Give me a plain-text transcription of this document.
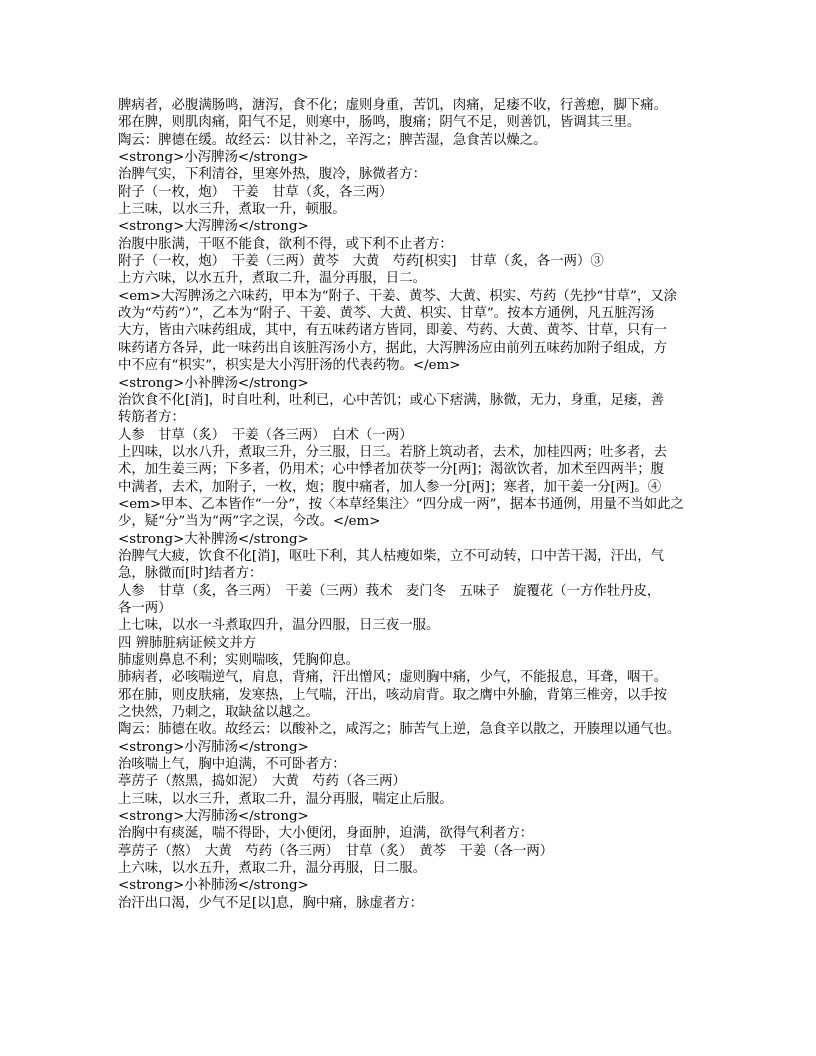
脾病者，必腹满肠鸣，溏泻，食不化；虚则身重，苦饥，肉痛，足痿不收，行善瘛，脚下痛。
邪在脾，则肌肉痛，阳气不足，则寒中，肠鸣，腹痛；阴气不足，则善饥，皆调其三里。
陶云：脾德在缓。故经云：以甘补之，辛泻之；脾苦湿，急食苦以燥之。
<strong>小泻脾汤</strong>
治脾气实，下利清谷，里寒外热，腹冷，脉微者方：
附子（一枚，炮）　干姜　甘草（炙，各三两）
上三味，以水三升，煮取一升，顿服。
<strong>大泻脾汤</strong>
治腹中胀满，干呕不能食，欲利不得，或下利不止者方：
附子（一枚，炮）　干姜（三两）黄芩　大黄　芍药[枳实]　甘草（炙，各一两）③
上方六味，以水五升，煮取二升，温分再服，日二。
<em>大泻脾汤之六味药，甲本为“附子、干姜、黄芩、大黄、枳实、芍药（先抄“甘草”，又涂
改为“芍药”）”，乙本为“附子、干姜、黄芩、大黄、枳实、甘草”。按本方通例，凡五脏泻汤
大方，皆由六味药组成，其中，有五味药诸方皆同，即姜、芍药、大黄、黄芩、甘草，只有一
味药诸方各异，此一味药出自该脏泻汤小方，据此，大泻脾汤应由前列五味药加附子组成，方
中不应有“枳实”，枳实是大小泻肝汤的代表药物。</em>
<strong>小补脾汤</strong>
治饮食不化[消]，时自吐利，吐利已，心中苦饥；或心下痞满，脉微，无力，身重，足痿，善
转筋者方：
人参　甘草（炙）　干姜（各三两）　白术（一两）
上四味，以水八升，煮取三升，分三服，日三。若脐上筑动者，去术，加桂四两；吐多者，去
术，加生姜三两；下多者，仍用术；心中悸者加茯苓一分[两]；渴欲饮者，加术至四两半；腹
中满者，去术，加附子，一枚，炮；腹中痛者，加人参一分[两]；寒者，加干姜一分[两]。④
<em>甲本、乙本皆作“一分”，按〈本草经集注〉“四分成一两”，据本书通例，用量不当如此之
少，疑“分”当为“两”字之误，今改。</em>
<strong>大补脾汤</strong>
治脾气大疲，饮食不化[消]，呕吐下利，其人枯瘦如柴，立不可动转，口中苦干渴，汗出，气
急，脉微而[时]结者方：
人参　甘草（炙，各三两）　干姜（三两）莪术　麦门冬　五味子　旋覆花（一方作牡丹皮，
各一两）
上七味，以水一斗煮取四升，温分四服，日三夜一服。
四 辨肺脏病证候文并方
肺虚则鼻息不利；实则喘咳，凭胸仰息。
肺病者，必咳喘逆气，肩息，背痛，汗出憎风；虚则胸中痛，少气，不能报息，耳聋，咽干。
邪在肺，则皮肤痛，发寒热，上气喘，汗出，咳动肩背。取之膺中外腧，背第三椎旁，以手按
之快然，乃刺之，取缺盆以越之。
陶云：肺德在收。故经云：以酸补之，咸泻之；肺苦气上逆，急食辛以散之，开腠理以通气也。
<strong>小泻肺汤</strong>
治咳喘上气，胸中迫满，不可卧者方：
葶苈子（熬黑，捣如泥）　大黄　芍药（各三两）
上三味，以水三升，煮取二升，温分再服，喘定止后服。
<strong>大泻肺汤</strong>
治胸中有痰涎，喘不得卧，大小便闭，身面肿，迫满，欲得气利者方：
葶苈子（熬）　大黄　芍药（各三两）　甘草（炙）　黄芩　干姜（各一两）
上六味，以水五升，煮取二升，温分再服，日二服。
<strong>小补肺汤</strong>
治汗出口渴，少气不足[以]息，胸中痛，脉虚者方：
